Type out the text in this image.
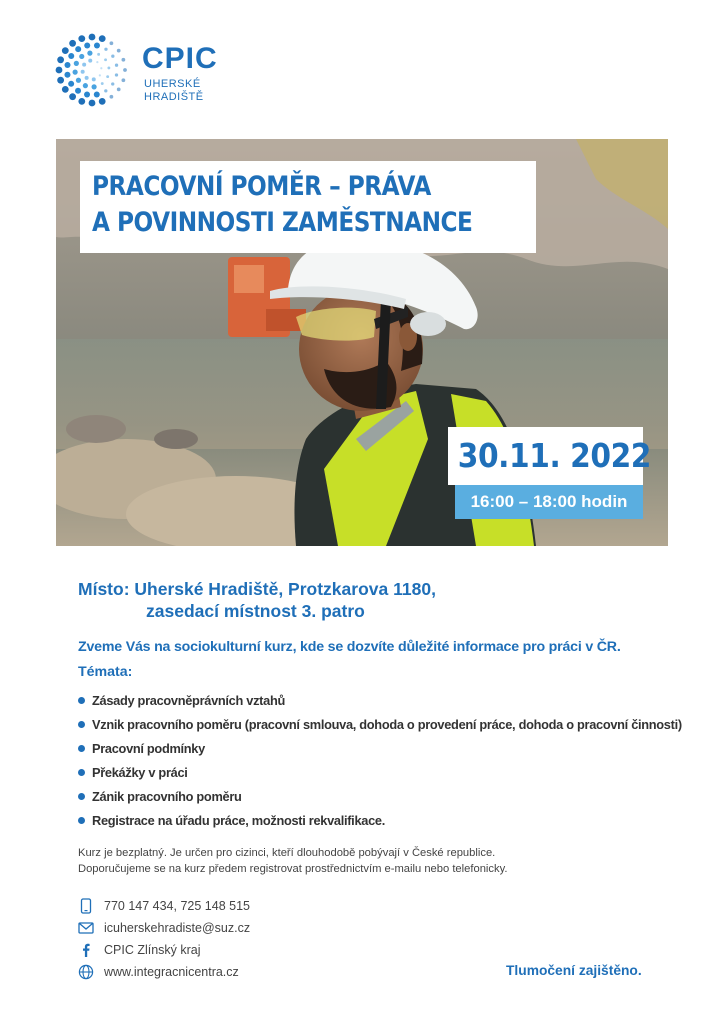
CPIC
UHERSKÉ
HRADIŠTĚ
PRACOVNÍ POMĚR – PRÁVA
A POVINNOSTI ZAMĚSTNANCE
30.11. 2022
16:00 – 18:00 hodin
Místo: Uherské Hradiště, Protzkarova 1180,
zasedací místnost 3. patro
Zveme Vás na sociokulturní kurz, kde se dozvíte důležité informace pro práci v ČR.
Témata:
Zásady pracovněprávních vztahů
Vznik pracovního poměru (pracovní smlouva, dohoda o provedení práce, dohoda o pracovní činnosti)
Pracovní podmínky
Překážky v práci
Zánik pracovního poměru
Registrace na úřadu práce, možnosti rekvalifikace.
Kurz je bezplatný. Je určen pro cizinci, kteří dlouhodobě pobývají v České republice.
Doporučujeme se na kurz předem registrovat prostřednictvím e-mailu nebo telefonicky.
770 147 434, 725 148 515
icuherskehradiste@suz.cz
CPIC Zlínský kraj
www.integracnicentra.cz	Tlumočení zajištěno.
